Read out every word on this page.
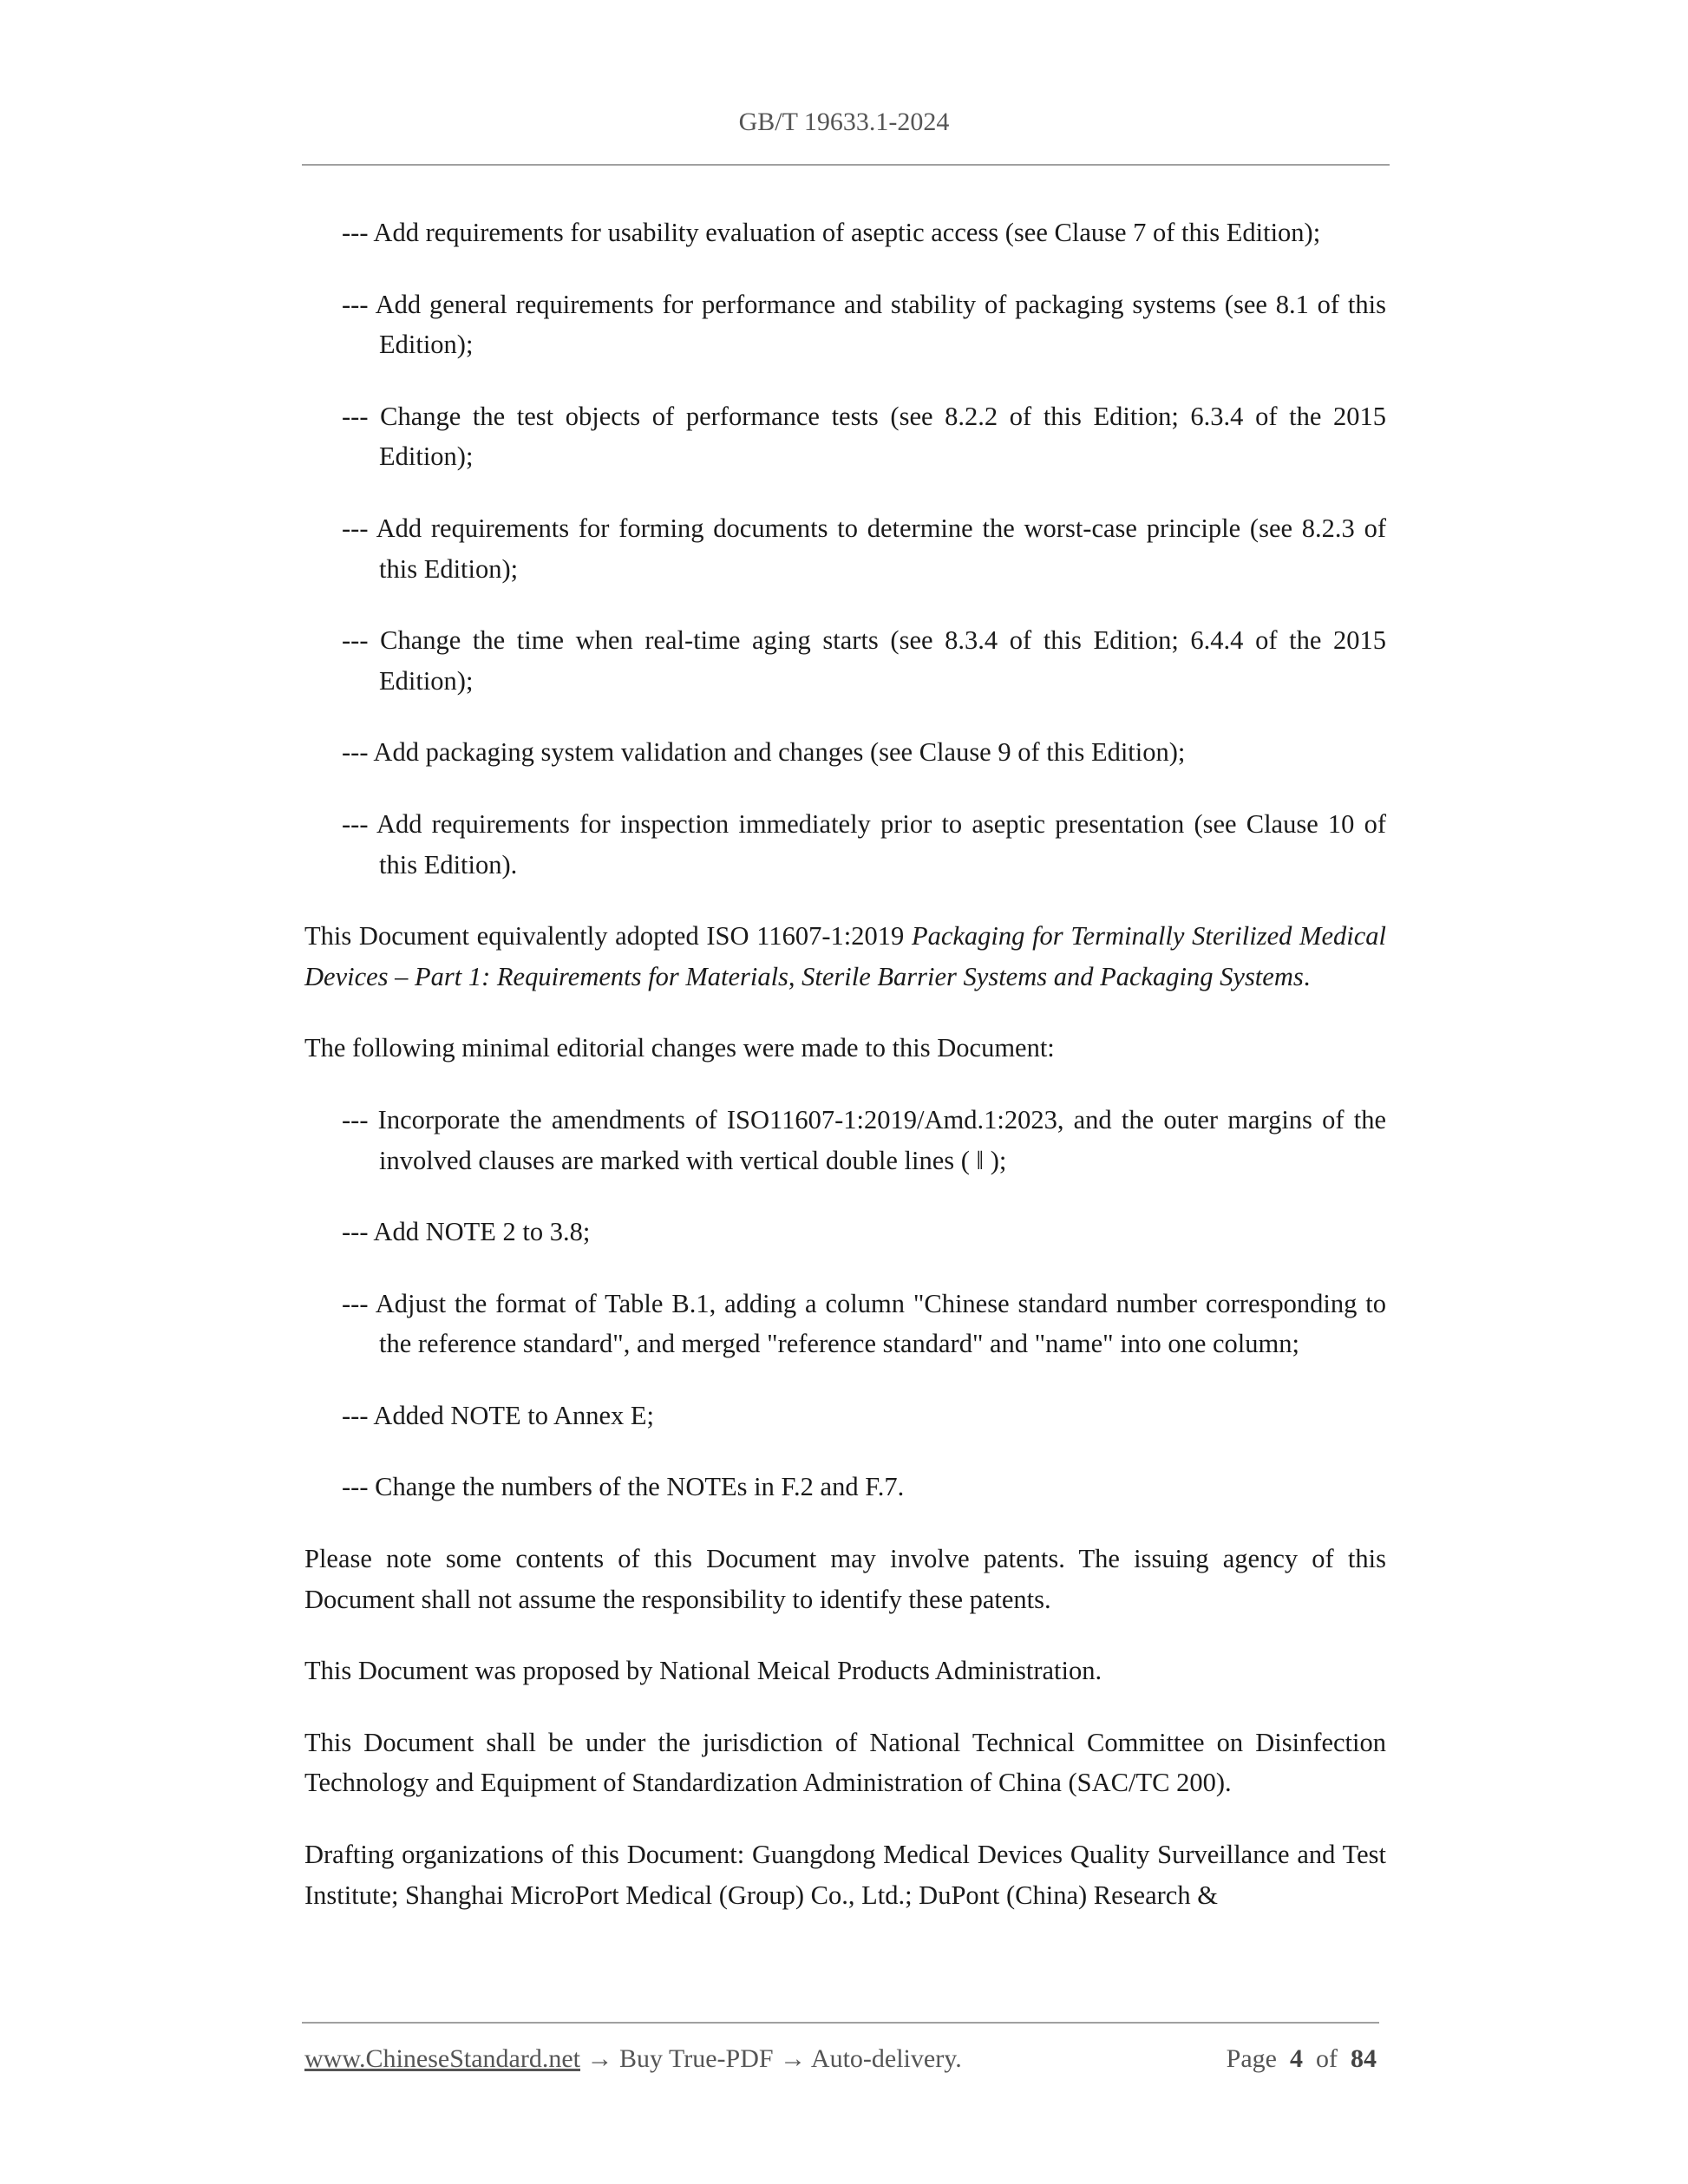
GB/T 19633.1-2024

--- Add requirements for usability evaluation of aseptic access (see Clause 7 of this Edition);

--- Add general requirements for performance and stability of packaging systems (see 8.1 of this Edition);

--- Change the test objects of performance tests (see 8.2.2 of this Edition; 6.3.4 of the 2015 Edition);

--- Add requirements for forming documents to determine the worst-case principle (see 8.2.3 of this Edition);

--- Change the time when real-time aging starts (see 8.3.4 of this Edition; 6.4.4 of the 2015 Edition);

--- Add packaging system validation and changes (see Clause 9 of this Edition);

--- Add requirements for inspection immediately prior to aseptic presentation (see Clause 10 of this Edition).

This Document equivalently adopted ISO 11607-1:2019 Packaging for Terminally Sterilized Medical Devices – Part 1: Requirements for Materials, Sterile Barrier Systems and Packaging Systems.

The following minimal editorial changes were made to this Document:

--- Incorporate the amendments of ISO11607-1:2019/Amd.1:2023, and the outer margins of the involved clauses are marked with vertical double lines ( ‖ );

--- Add NOTE 2 to 3.8;

--- Adjust the format of Table B.1, adding a column "Chinese standard number corresponding to the reference standard", and merged "reference standard" and "name" into one column;

--- Added NOTE to Annex E;

--- Change the numbers of the NOTEs in F.2 and F.7.

Please note some contents of this Document may involve patents. The issuing agency of this Document shall not assume the responsibility to identify these patents.

This Document was proposed by National Meical Products Administration.

This Document shall be under the jurisdiction of National Technical Committee on Disinfection Technology and Equipment of Standardization Administration of China (SAC/TC 200).

Drafting organizations of this Document: Guangdong Medical Devices Quality Surveillance and Test Institute; Shanghai MicroPort Medical (Group) Co., Ltd.; DuPont (China) Research &

www.ChineseStandard.net → Buy True-PDF → Auto-delivery.	Page 4 of 84
